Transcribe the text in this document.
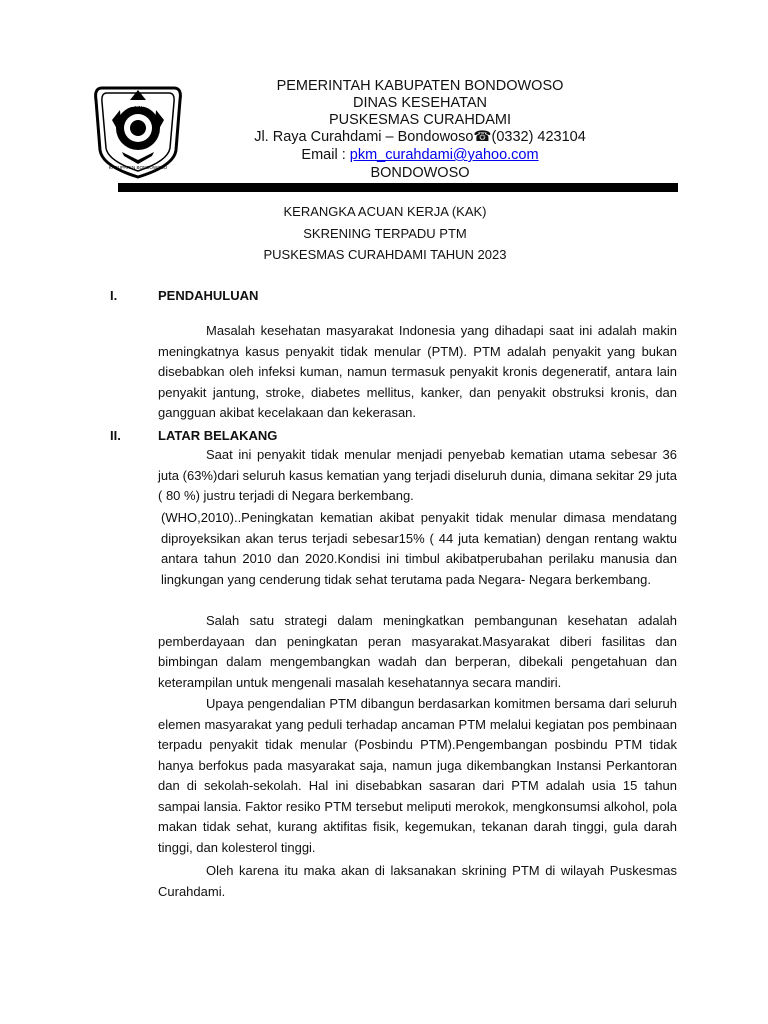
BONDOWOSO
KABUPATEN BONDOWOSO
PEMERINTAH KABUPATEN BONDOWOSO
DINAS KESEHATAN
PUSKESMAS CURAHDAMI
Jl. Raya Curahdami – Bondowoso☎(0332) 423104
Email : pkm_curahdami@yahoo.com
BONDOWOSO
KERANGKA ACUAN KERJA (KAK)
SKRENING TERPADU PTM
PUSKESMAS CURAHDAMI TAHUN 2023
I.	PENDAHULUAN
Masalah kesehatan masyarakat Indonesia yang dihadapi saat ini adalah makin meningkatnya kasus penyakit tidak menular (PTM). PTM adalah penyakit yang bukan disebabkan oleh infeksi kuman, namun termasuk penyakit kronis degeneratif, antara lain penyakit jantung, stroke, diabetes mellitus, kanker, dan penyakit obstruksi kronis, dan gangguan akibat kecelakaan dan kekerasan.
II.	LATAR BELAKANG
Saat ini penyakit tidak menular menjadi penyebab kematian utama sebesar 36 juta (63%)dari seluruh kasus kematian yang terjadi diseluruh dunia, dimana sekitar 29 juta ( 80 %) justru terjadi di Negara berkembang.
(WHO,2010)..Peningkatan kematian akibat penyakit tidak menular dimasa mendatang diproyeksikan akan terus terjadi sebesar15% ( 44 juta kematian) dengan rentang waktu antara tahun 2010 dan 2020.Kondisi ini timbul akibatperubahan perilaku manusia dan lingkungan yang cenderung tidak sehat terutama pada Negara- Negara berkembang.
Salah satu strategi dalam meningkatkan pembangunan kesehatan adalah pemberdayaan dan peningkatan peran masyarakat.Masyarakat diberi fasilitas dan bimbingan dalam mengembangkan wadah dan berperan, dibekali pengetahuan dan keterampilan untuk mengenali masalah kesehatannya secara mandiri.
Upaya pengendalian PTM dibangun berdasarkan komitmen bersama dari seluruh elemen masyarakat yang peduli terhadap ancaman PTM melalui kegiatan pos pembinaan terpadu penyakit tidak menular (Posbindu PTM).Pengembangan posbindu PTM tidak hanya berfokus pada masyarakat saja, namun juga dikembangkan Instansi Perkantoran dan di sekolah-sekolah. Hal ini disebabkan sasaran dari PTM adalah usia 15 tahun sampai lansia. Faktor resiko PTM tersebut meliputi merokok, mengkonsumsi alkohol, pola makan tidak sehat, kurang aktifitas fisik, kegemukan, tekanan darah tinggi, gula darah tinggi, dan kolesterol tinggi.
Oleh karena itu maka akan di laksanakan skrining PTM di wilayah Puskesmas Curahdami.
